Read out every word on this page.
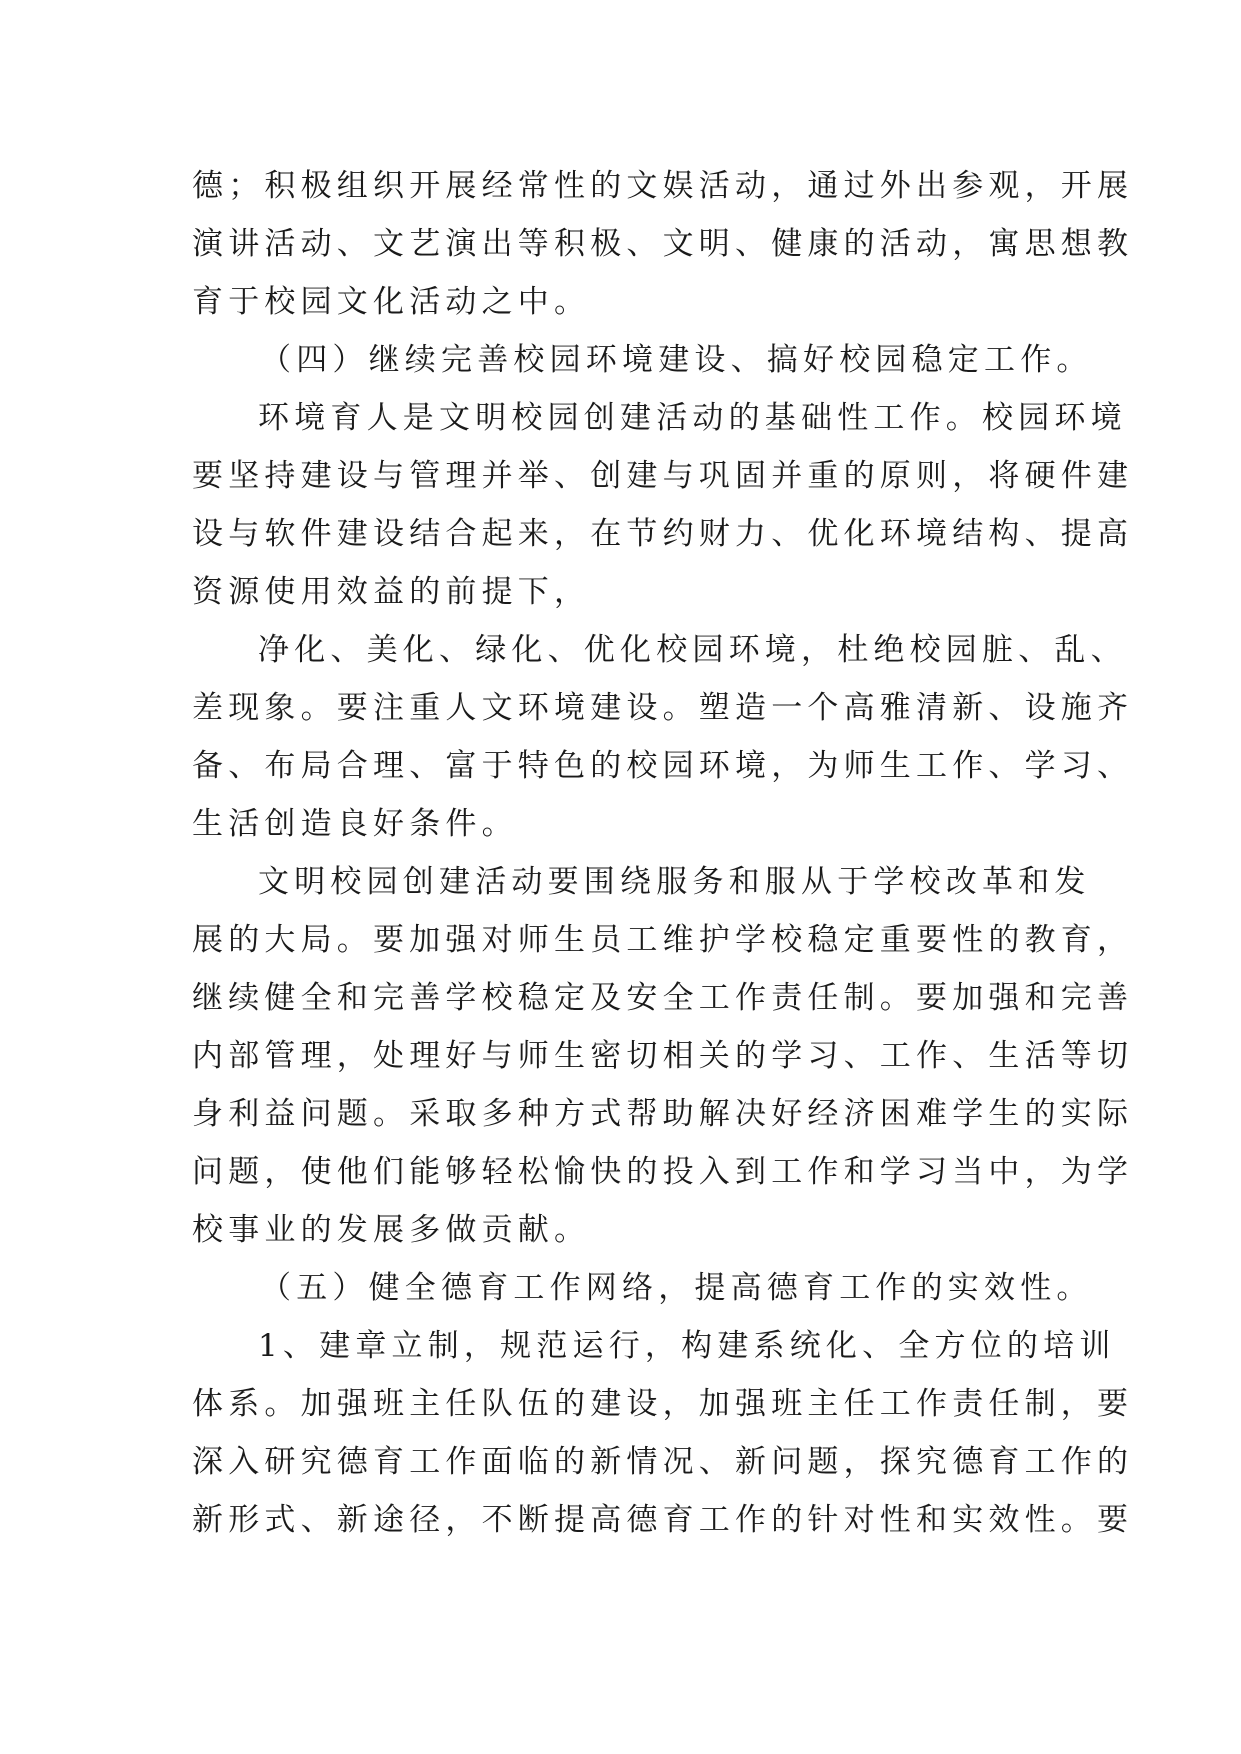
德；积极组织开展经常性的文娱活动，通过外出参观，开展
演讲活动、文艺演出等积极、文明、健康的活动，寓思想教
育于校园文化活动之中。
（四）继续完善校园环境建设、搞好校园稳定工作。
环境育人是文明校园创建活动的基础性工作。校园环境
要坚持建设与管理并举、创建与巩固并重的原则，将硬件建
设与软件建设结合起来，在节约财力、优化环境结构、提高
资源使用效益的前提下，
净化、美化、绿化、优化校园环境，杜绝校园脏、乱、
差现象。要注重人文环境建设。塑造一个高雅清新、设施齐
备、布局合理、富于特色的校园环境，为师生工作、学习、
生活创造良好条件。
文明校园创建活动要围绕服务和服从于学校改革和发
展的大局。要加强对师生员工维护学校稳定重要性的教育，
继续健全和完善学校稳定及安全工作责任制。要加强和完善
内部管理，处理好与师生密切相关的学习、工作、生活等切
身利益问题。采取多种方式帮助解决好经济困难学生的实际
问题，使他们能够轻松愉快的投入到工作和学习当中，为学
校事业的发展多做贡献。
（五）健全德育工作网络，提高德育工作的实效性。
1、建章立制，规范运行，构建系统化、全方位的培训
体系。加强班主任队伍的建设，加强班主任工作责任制，要
深入研究德育工作面临的新情况、新问题，探究德育工作的
新形式、新途径，不断提高德育工作的针对性和实效性。要
